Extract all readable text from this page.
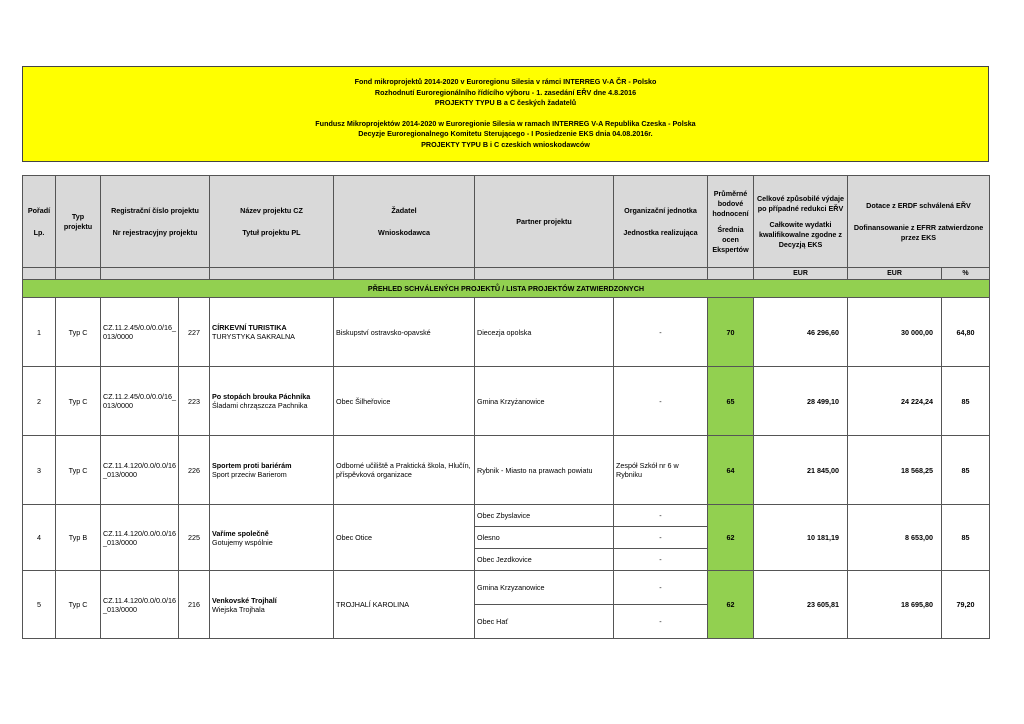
Fond mikroprojektů 2014-2020 v Euroregionu Silesia v rámci INTERREG V-A ČR - Polsko
Rozhodnutí Euroregionálního řídícího výboru - 1. zasedání EŘV dne 4.8.2016
PROJEKTY TYPU B a C českých žadatelů
Fundusz Mikroprojektów 2014-2020 w Euroregionie Silesia w ramach INTERREG V-A Republika Czeska - Polska
Decyzje Euroregionalnego Komitetu Sterującego - I Posiedzenie EKS dnia 04.08.2016r.
PROJEKTY TYPU B i C czeskich wnioskodawców
Pořadí
Lp.	Typ projektu	Registrační číslo projektu
Nr rejestracyjny projektu		Název projektu CZ
Tytuł projektu PL	Žadatel
Wnioskodawca	Partner projektu	Organizační jednotka
Jednostka realizująca	Průměrné bodové hodnocení
Średnia ocen Ekspertów	Celkové způsobilé výdaje po případné redukci EŘV
Całkowite wydatki kwalifikowalne zgodne z Decyzją EKS	Dotace z ERDF schválená EŘV
Dofinansowanie z EFRR zatwierdzone przez EKS	
									EUR	EUR	%
PŘEHLED SCHVÁLENÝCH PROJEKTŮ / LISTA PROJEKTÓW ZATWIERDZONYCH											
1	Typ C	CZ.11.2.45/0.0/0.0/16_013/0000	227	CÍRKEVNÍ TURISTIKA
TURYSTYKA SAKRALNA	Biskupství ostravsko-opavské	Diecezja opolska	-	70	46 296,60	30 000,00	64,80
2	Typ C	CZ.11.2.45/0.0/0.0/16_013/0000	223	Po stopách brouka Páchníka
Śladami chrząszcza Pachnika	Obec Šilheřovice	Gmina Krzyżanowice	-	65	28 499,10	24 224,24	85
3	Typ C	CZ.11.4.120/0.0/0.0/16_013/0000	226	Sportem proti bariérám
Sport przeciw Barierom	Odborné učiliště a Praktická škola, Hlučín, příspěvková organizace	Rybnik - Miasto na prawach powiatu	Zespół Szkół nr 6 w Rybniku	64	21 845,00	18 568,25	85
4	Typ B	CZ.11.4.120/0.0/0.0/16_013/0000	225	Vaříme společně
Gotujemy wspólnie	Obec Otice	Obec Zbyslavice	-	62	10 181,19	8 653,00	85
						Olesno	-				
						Obec Jezdkovice	-				
5	Typ C	CZ.11.4.120/0.0/0.0/16_013/0000	216	Venkovské Trojhalí
Wiejska Trojhala	TROJHALÍ KAROLINA	Gmina Krzyzanowice	-	62	23 605,81	18 695,80	79,20
						Obec Hať	-				
